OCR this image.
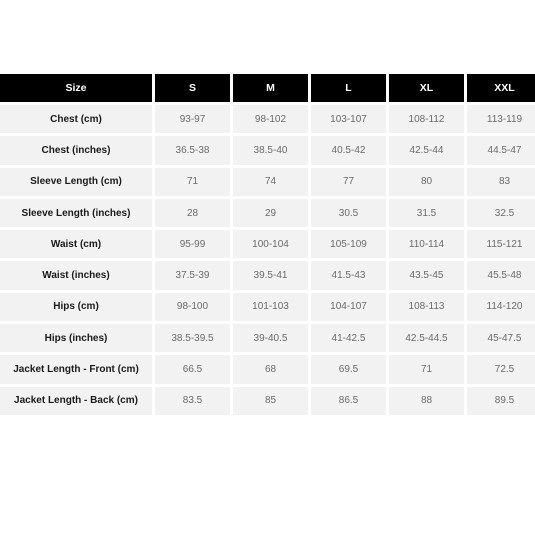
Size	S	M	L	XL	XXL
Chest (cm)	93-97	98-102	103-107	108-112	113-119
Chest (inches)	36.5-38	38.5-40	40.5-42	42.5-44	44.5-47
Sleeve Length (cm)	71	74	77	80	83
Sleeve Length (inches)	28	29	30.5	31.5	32.5
Waist (cm)	95-99	100-104	105-109	110-114	115-121
Waist (inches)	37.5-39	39.5-41	41.5-43	43.5-45	45.5-48
Hips (cm)	98-100	101-103	104-107	108-113	114-120
Hips (inches)	38.5-39.5	39-40.5	41-42.5	42.5-44.5	45-47.5
Jacket Length - Front (cm)	66.5	68	69.5	71	72.5
Jacket Length - Back (cm)	83.5	85	86.5	88	89.5
